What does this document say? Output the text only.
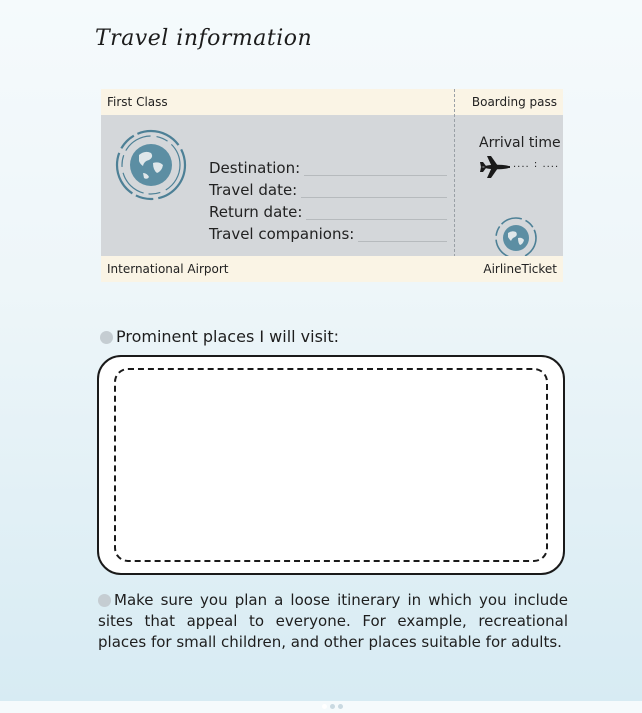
Travel information
First Class	Boarding pass
Destination:
Travel date:
Return date:
Travel companions:
Arrival time
.... : ....
International Airport	AirlineTicket
Prominent places I will visit:
Make sure you plan a loose itinerary in which you include sites that appeal to everyone. For example, recreational places for small children, and other places suitable for adults.
